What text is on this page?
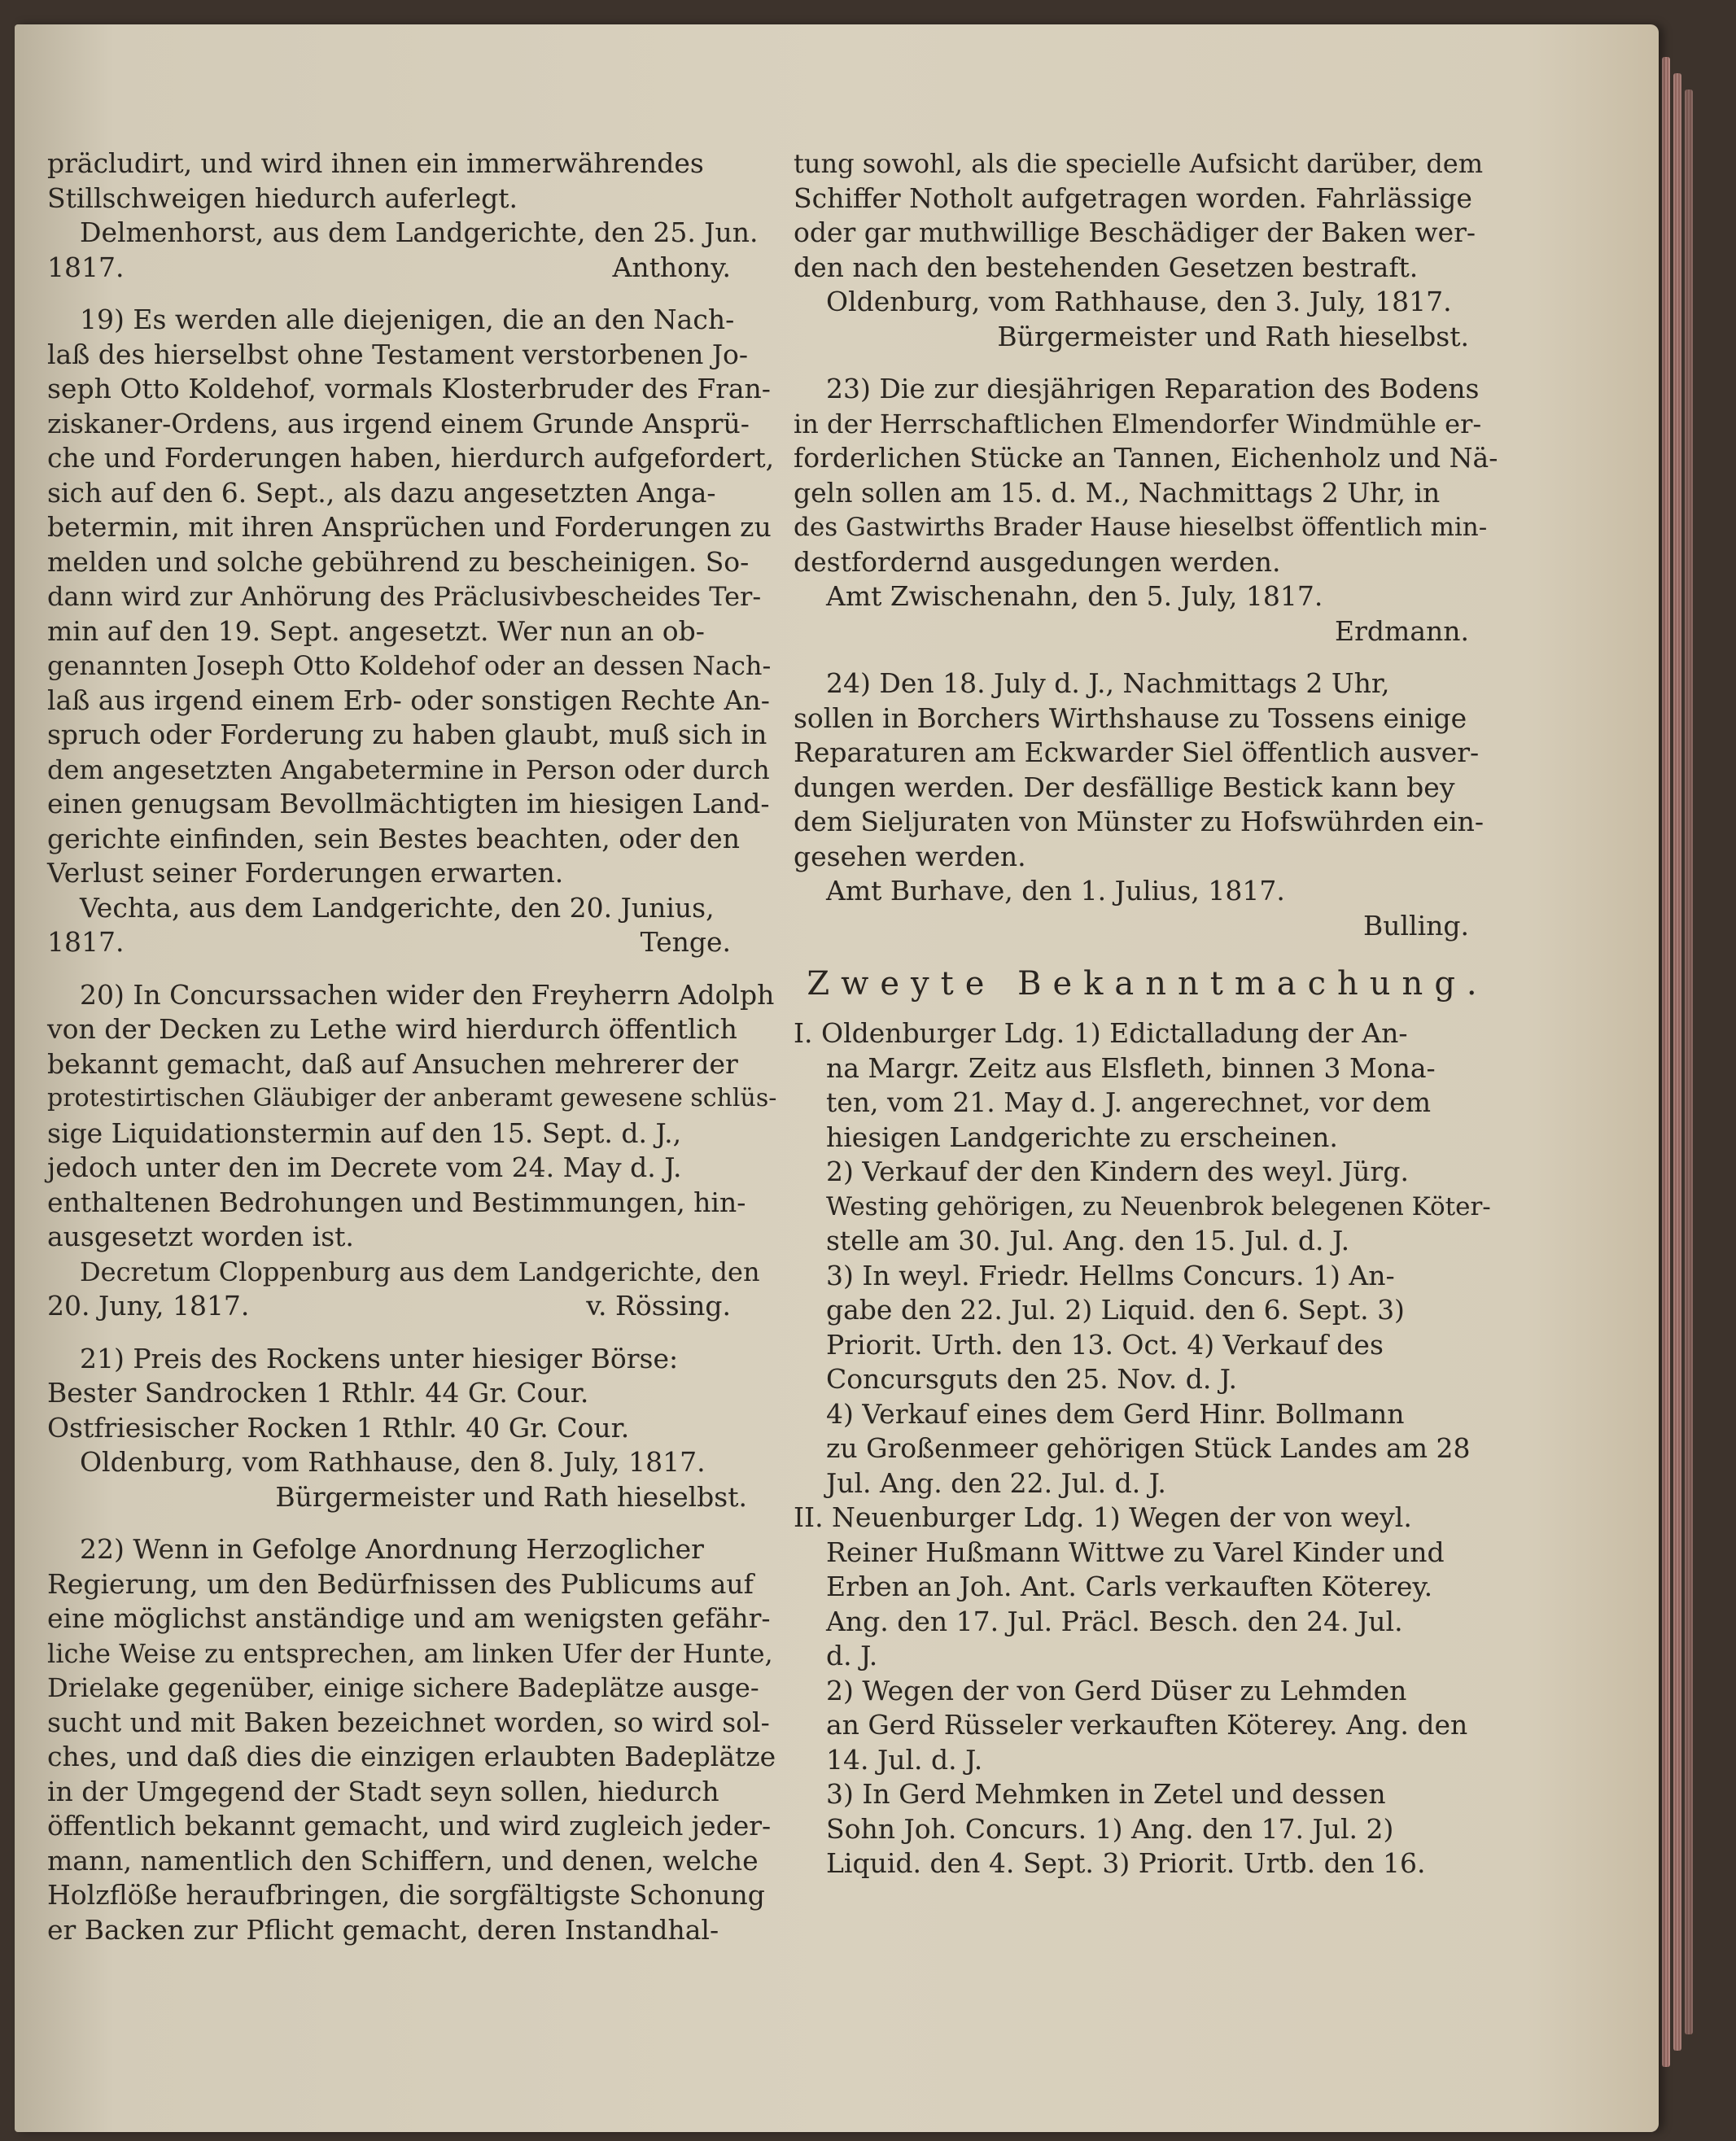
präcludirt, und wird ihnen ein immerwährendes
Stillschweigen hiedurch auferlegt.
Delmenhorst, aus dem Landgerichte, den 25. Jun.
1817.	Anthony.
19) Es werden alle diejenigen, die an den Nach-
laß des hierselbst ohne Testament verstorbenen Jo-
seph Otto Koldehof, vormals Klosterbruder des Fran-
ziskaner-Ordens, aus irgend einem Grunde Ansprü-
che und Forderungen haben, hierdurch aufgefordert,
sich auf den 6. Sept., als dazu angesetzten Anga-
betermin, mit ihren Ansprüchen und Forderungen zu
melden und solche gebührend zu bescheinigen. So-
dann wird zur Anhörung des Präclusivbescheides Ter-
min auf den 19. Sept. angesetzt. Wer nun an ob-
genannten Joseph Otto Koldehof oder an dessen Nach-
laß aus irgend einem Erb- oder sonstigen Rechte An-
spruch oder Forderung zu haben glaubt, muß sich in
dem angesetzten Angabetermine in Person oder durch
einen genugsam Bevollmächtigten im hiesigen Land-
gerichte einfinden, sein Bestes beachten, oder den
Verlust seiner Forderungen erwarten.
Vechta, aus dem Landgerichte, den 20. Junius,
1817.	Tenge.
20) In Concurssachen wider den Freyherrn Adolph
von der Decken zu Lethe wird hierdurch öffentlich
bekannt gemacht, daß auf Ansuchen mehrerer der
protestirtischen Gläubiger der anberamt gewesene schlüs-
sige Liquidationstermin auf den 15. Sept. d. J.,
jedoch unter den im Decrete vom 24. May d. J.
enthaltenen Bedrohungen und Bestimmungen, hin-
ausgesetzt worden ist.
Decretum Cloppenburg aus dem Landgerichte, den
20. Juny, 1817.	v. Rössing.
21) Preis des Rockens unter hiesiger Börse:
Bester Sandrocken 1 Rthlr. 44 Gr. Cour.
Ostfriesischer Rocken 1 Rthlr. 40 Gr. Cour.
Oldenburg, vom Rathhause, den 8. July, 1817.
Bürgermeister und Rath hieselbst.
22) Wenn in Gefolge Anordnung Herzoglicher
Regierung, um den Bedürfnissen des Publicums auf
eine möglichst anständige und am wenigsten gefähr-
liche Weise zu entsprechen, am linken Ufer der Hunte,
Drielake gegenüber, einige sichere Badeplätze ausge-
sucht und mit Baken bezeichnet worden, so wird sol-
ches, und daß dies die einzigen erlaubten Badeplätze
in der Umgegend der Stadt seyn sollen, hiedurch
öffentlich bekannt gemacht, und wird zugleich jeder-
mann, namentlich den Schiffern, und denen, welche
Holzflöße heraufbringen, die sorgfältigste Schonung
er Backen zur Pflicht gemacht, deren Instandhal-
tung sowohl, als die specielle Aufsicht darüber, dem
Schiffer Notholt aufgetragen worden. Fahrlässige
oder gar muthwillige Beschädiger der Baken wer-
den nach den bestehenden Gesetzen bestraft.
Oldenburg, vom Rathhause, den 3. July, 1817.
Bürgermeister und Rath hieselbst.
23) Die zur diesjährigen Reparation des Bodens
in der Herrschaftlichen Elmendorfer Windmühle er-
forderlichen Stücke an Tannen, Eichenholz und Nä-
geln sollen am 15. d. M., Nachmittags 2 Uhr, in
des Gastwirths Brader Hause hieselbst öffentlich min-
destfordernd ausgedungen werden.
Amt Zwischenahn, den 5. July, 1817.
Erdmann.
24) Den 18. July d. J., Nachmittags 2 Uhr,
sollen in Borchers Wirthshause zu Tossens einige
Reparaturen am Eckwarder Siel öffentlich ausver-
dungen werden. Der desfällige Bestick kann bey
dem Sieljuraten von Münster zu Hofswührden ein-
gesehen werden.
Amt Burhave, den 1. Julius, 1817.
Bulling.
Zweyte Bekanntmachung.
I. Oldenburger Ldg. 1) Edictalladung der An-
na Margr. Zeitz aus Elsfleth, binnen 3 Mona-
ten, vom 21. May d. J. angerechnet, vor dem
hiesigen Landgerichte zu erscheinen.
2) Verkauf der den Kindern des weyl. Jürg.
Westing gehörigen, zu Neuenbrok belegenen Köter-
stelle am 30. Jul. Ang. den 15. Jul. d. J.
3) In weyl. Friedr. Hellms Concurs. 1) An-
gabe den 22. Jul. 2) Liquid. den 6. Sept. 3)
Priorit. Urth. den 13. Oct. 4) Verkauf des
Concursguts den 25. Nov. d. J.
4) Verkauf eines dem Gerd Hinr. Bollmann
zu Großenmeer gehörigen Stück Landes am 28
Jul. Ang. den 22. Jul. d. J.
II. Neuenburger Ldg. 1) Wegen der von weyl.
Reiner Hußmann Wittwe zu Varel Kinder und
Erben an Joh. Ant. Carls verkauften Köterey.
Ang. den 17. Jul. Präcl. Besch. den 24. Jul.
d. J.
2) Wegen der von Gerd Düser zu Lehmden
an Gerd Rüsseler verkauften Köterey. Ang. den
14. Jul. d. J.
3) In Gerd Mehmken in Zetel und dessen
Sohn Joh. Concurs. 1) Ang. den 17. Jul. 2)
Liquid. den 4. Sept. 3) Priorit. Urtb. den 16.
